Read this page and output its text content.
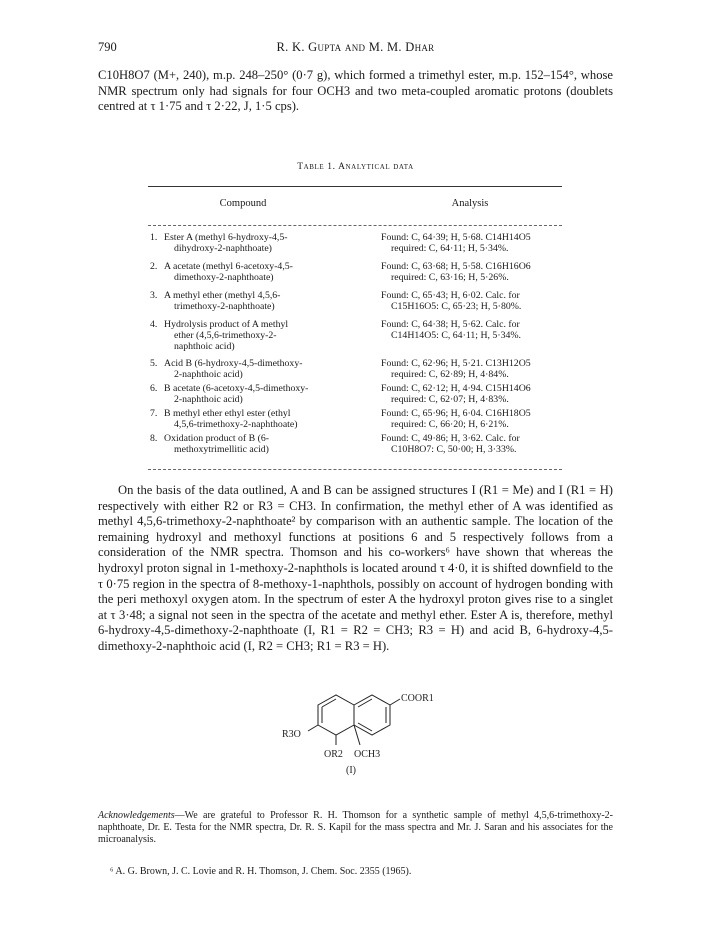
790	R. K. Gupta and M. M. Dhar

C10H8O7 (M+, 240), m.p. 248–250° (0·7 g), which formed a trimethyl ester, m.p. 152–154°, whose NMR spectrum only had signals for four OCH3 and two meta-coupled aromatic protons (doublets centred at τ 1·75 and τ 2·22, J, 1·5 cps).

Table 1. Analytical data
Compound	Analysis
1. Ester A (methyl 6-hydroxy-4,5-
dihydroxy-2-naphthoate)
Found: C, 64·39; H, 5·68. C14H14O5
required: C, 64·11; H, 5·34%.
2. A acetate (methyl 6-acetoxy-4,5-
dimethoxy-2-naphthoate)
Found: C, 63·68; H, 5·58. C16H16O6
required: C, 63·16; H, 5·26%.
3. A methyl ether (methyl 4,5,6-
trimethoxy-2-naphthoate)
Found: C, 65·43; H, 6·02. Calc. for
C15H16O5: C, 65·23; H, 5·80%.
4. Hydrolysis product of A methyl
ether (4,5,6-trimethoxy-2-
naphthoic acid)
Found: C, 64·38; H, 5·62. Calc. for
C14H14O5: C, 64·11; H, 5·34%.
5. Acid B (6-hydroxy-4,5-dimethoxy-
2-naphthoic acid)
Found: C, 62·96; H, 5·21. C13H12O5
required: C, 62·89; H, 4·84%.
6. B acetate (6-acetoxy-4,5-dimethoxy-
2-naphthoic acid)
Found: C, 62·12; H, 4·94. C15H14O6
required: C, 62·07; H, 4·83%.
7. B methyl ether ethyl ester (ethyl
4,5,6-trimethoxy-2-naphthoate)
Found: C, 65·96; H, 6·04. C16H18O5
required: C, 66·20; H, 6·21%.
8. Oxidation product of B (6-
methoxytrimellitic acid)
Found: C, 49·86; H, 3·62. Calc. for
C10H8O7: C, 50·00; H, 3·33%.

On the basis of the data outlined, A and B can be assigned structures I (R1 = Me) and I (R1 = H) respectively with either R2 or R3 = CH3. In confirmation, the methyl ether of A was identified as methyl 4,5,6-trimethoxy-2-naphthoate² by comparison with an authentic sample. The location of the remaining hydroxyl and methoxyl functions at positions 6 and 5 respectively follows from a consideration of the NMR spectra. Thomson and his co-workers⁶ have shown that whereas the hydroxyl proton signal in 1-methoxy-2-naphthols is located around τ 4·0, it is shifted downfield to the τ 0·75 region in the spectra of 8-methoxy-1-naphthols, possibly on account of hydrogen bonding with the peri methoxyl oxygen atom. In the spectrum of ester A the hydroxyl proton gives rise to a singlet at τ 3·48; a signal not seen in the spectra of the acetate and methyl ether. Ester A is, therefore, methyl 6-hydroxy-4,5-dimethoxy-2-naphthoate (I, R1 = R2 = CH3; R3 = H) and acid B, 6-hydroxy-4,5-dimethoxy-2-naphthoic acid (I, R2 = CH3; R1 = R3 = H).

COOR1
R3O
OR2 OCH3
(I)

Acknowledgements—We are grateful to Professor R. H. Thomson for a synthetic sample of methyl 4,5,6-trimethoxy-2-naphthoate, Dr. E. Testa for the NMR spectra, Dr. R. S. Kapil for the mass spectra and Mr. J. Saran and his associates for the microanalysis.

⁶ A. G. Brown, J. C. Lovie and R. H. Thomson, J. Chem. Soc. 2355 (1965).
